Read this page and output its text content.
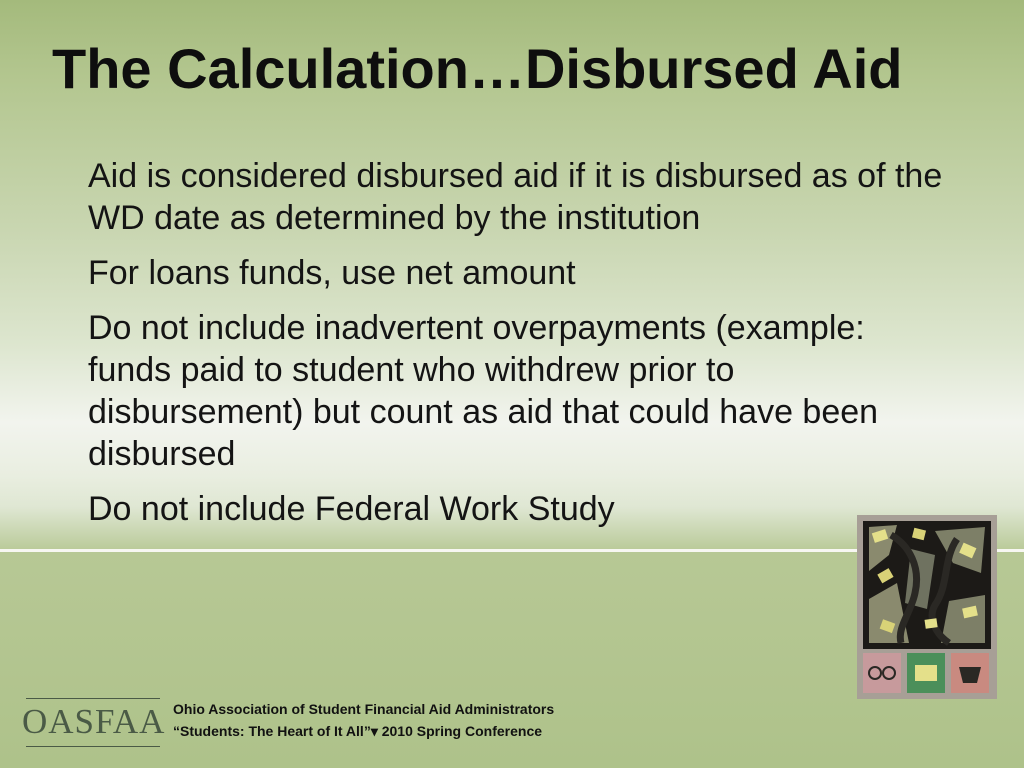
The Calculation…Disbursed Aid
Aid is considered disbursed aid if it is disbursed as of the WD date as determined by the institution
For loans funds, use net amount
Do not include inadvertent overpayments (example: funds paid to student who withdrew prior to disbursement) but count as aid that could have been disbursed
Do not include Federal Work Study
OASFAA Ohio Association of Student Financial Aid Administrators
“Students: The Heart of It All”▾ 2010 Spring Conference
